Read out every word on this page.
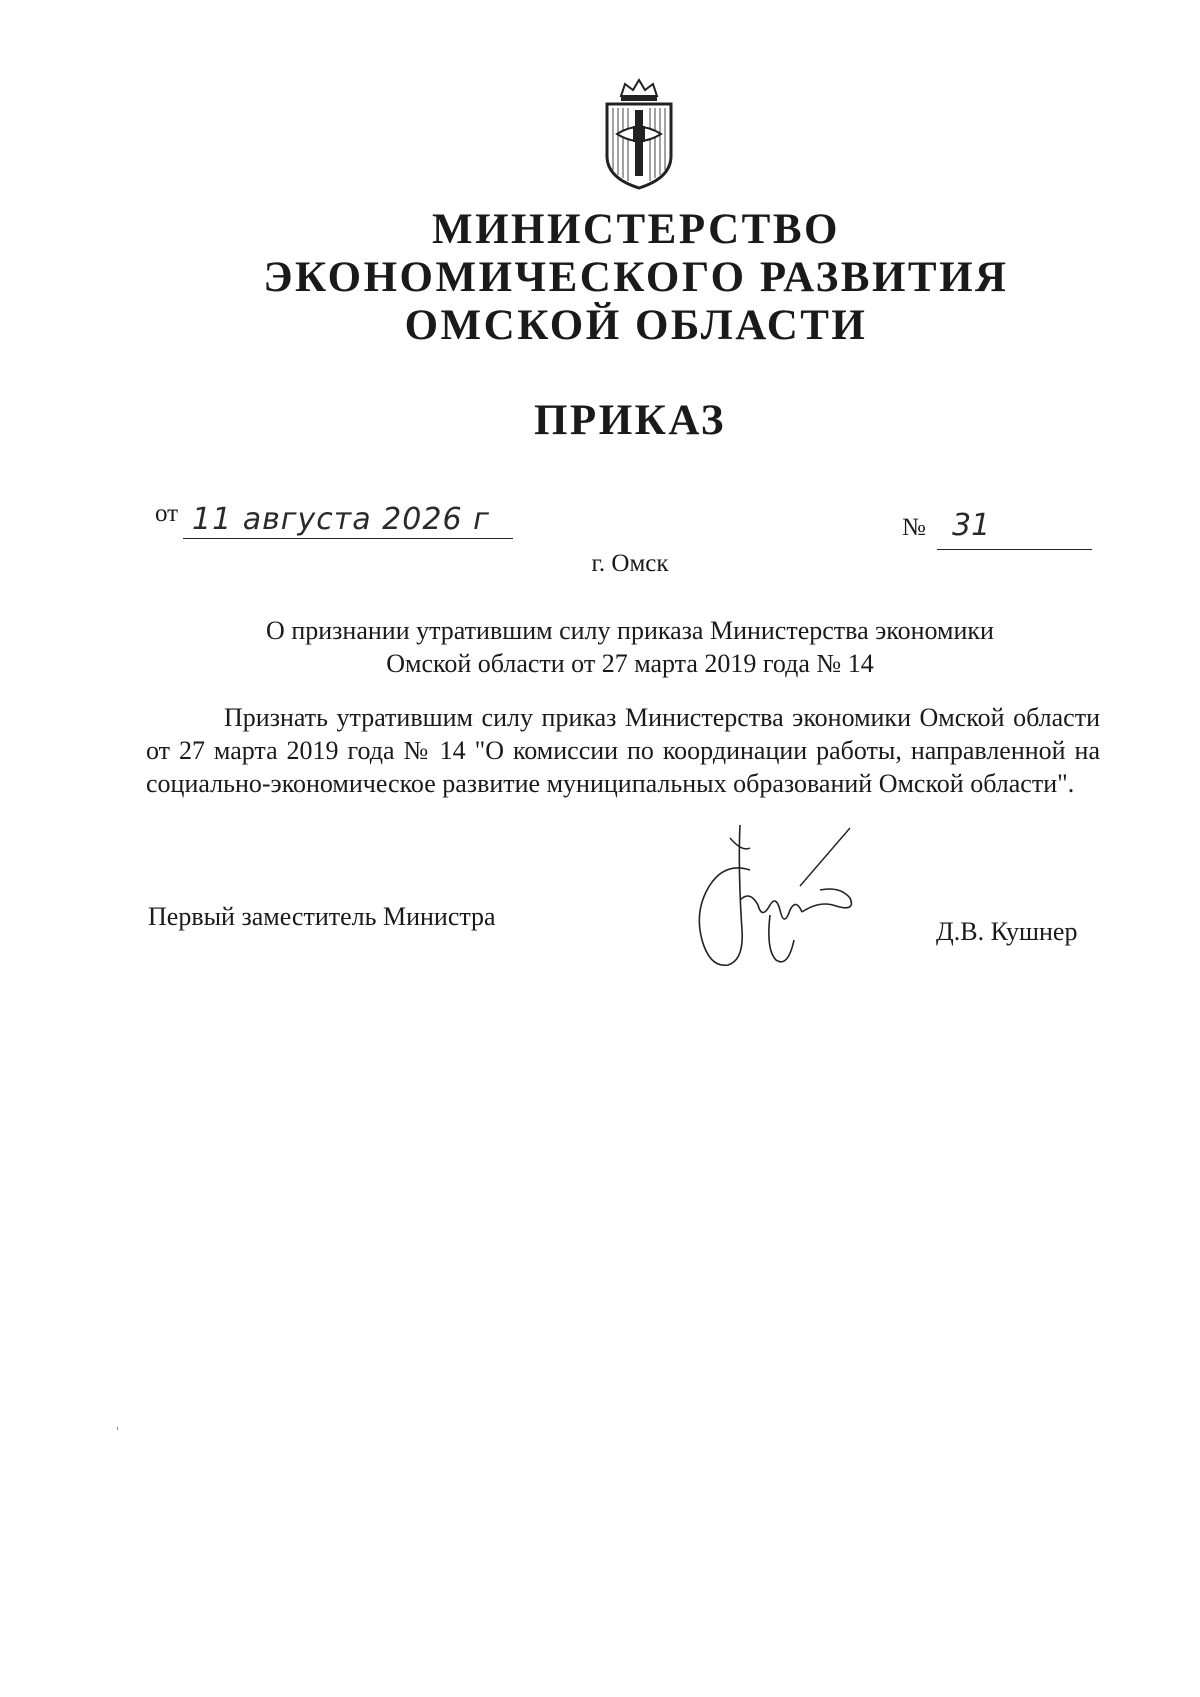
МИНИСТЕРСТВО
ЭКОНОМИЧЕСКОГО РАЗВИТИЯ
ОМСКОЙ ОБЛАСТИ
ПРИКАЗ
от 11 августа 2026 г	№ 31
г. Омск
О признании утратившим силу приказа Министерства экономики
Омской области от 27 марта 2019 года № 14
Признать утратившим силу приказ Министерства экономики Омской области от 27 марта 2019 года № 14 "О комиссии по координации работы, направленной на социально-экономическое развитие муниципальных образований Омской области".
Первый заместитель Министра
Д.В. Кушнер
